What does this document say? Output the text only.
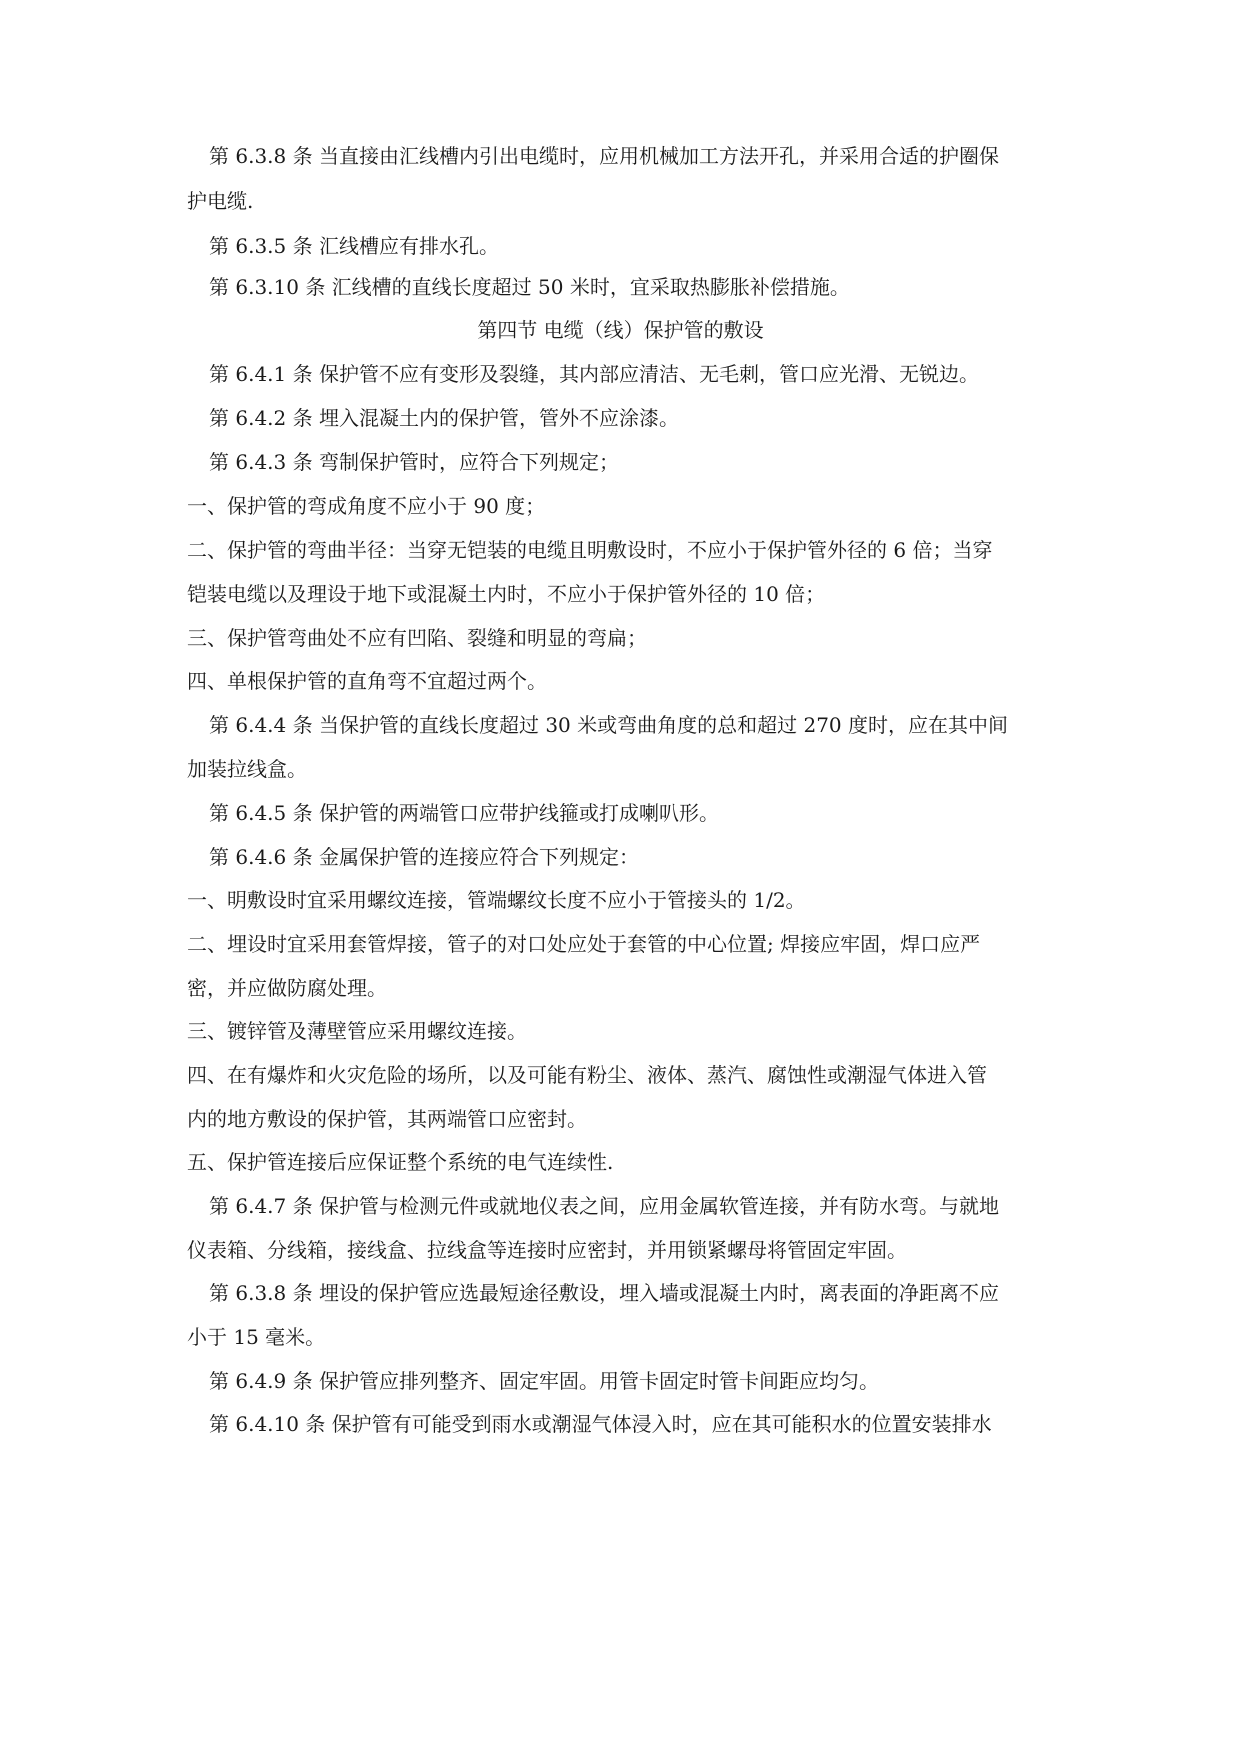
第 6.3.8 条 当直接由汇线槽内引出电缆时，应用机械加工方法开孔，并采用合适的护圈保
护电缆.
第 6.3.5 条 汇线槽应有排水孔。
第 6.3.10 条 汇线槽的直线长度超过 50 米时，宜采取热膨胀补偿措施。
第四节 电缆（线）保护管的敷设
第 6.4.1 条 保护管不应有变形及裂缝，其内部应清洁、无毛刺，管口应光滑、无锐边。
第 6.4.2 条 埋入混凝土内的保护管，管外不应涂漆。
第 6.4.3 条 弯制保护管时，应符合下列规定；
一、保护管的弯成角度不应小于 90 度；
二、保护管的弯曲半径：当穿无铠装的电缆且明敷设时，不应小于保护管外径的 6 倍；当穿
铠装电缆以及理设于地下或混凝土内时，不应小于保护管外径的 10 倍；
三、保护管弯曲处不应有凹陷、裂缝和明显的弯扁；
四、单根保护管的直角弯不宜超过两个。
第 6.4.4 条 当保护管的直线长度超过 30 米或弯曲角度的总和超过 270 度时，应在其中间
加装拉线盒。
第 6.4.5 条 保护管的两端管口应带护线箍或打成喇叭形。
第 6.4.6 条 金属保护管的连接应符合下列规定：
一、明敷设时宜采用螺纹连接，管端螺纹长度不应小于管接头的 1/2。
二、埋设时宜采用套管焊接，管子的对口处应处于套管的中心位置; 焊接应牢固，焊口应严
密，并应做防腐处理。
三、镀锌管及薄壁管应采用螺纹连接。
四、在有爆炸和火灾危险的场所，以及可能有粉尘、液体、蒸汽、腐蚀性或潮湿气体进入管
内的地方敷设的保护管，其两端管口应密封。
五、保护管连接后应保证整个系统的电气连续性.
第 6.4.7 条 保护管与检测元件或就地仪表之间，应用金属软管连接，并有防水弯。与就地
仪表箱、分线箱，接线盒、拉线盒等连接时应密封，并用锁紧螺母将管固定牢固。
第 6.3.8 条 埋设的保护管应选最短途径敷设，埋入墙或混凝土内时，离表面的净距离不应
小于 15 毫米。
第 6.4.9 条 保护管应排列整齐、固定牢固。用管卡固定时管卡间距应均匀。
第 6.4.10 条 保护管有可能受到雨水或潮湿气体浸入时，应在其可能积水的位置安装排水
